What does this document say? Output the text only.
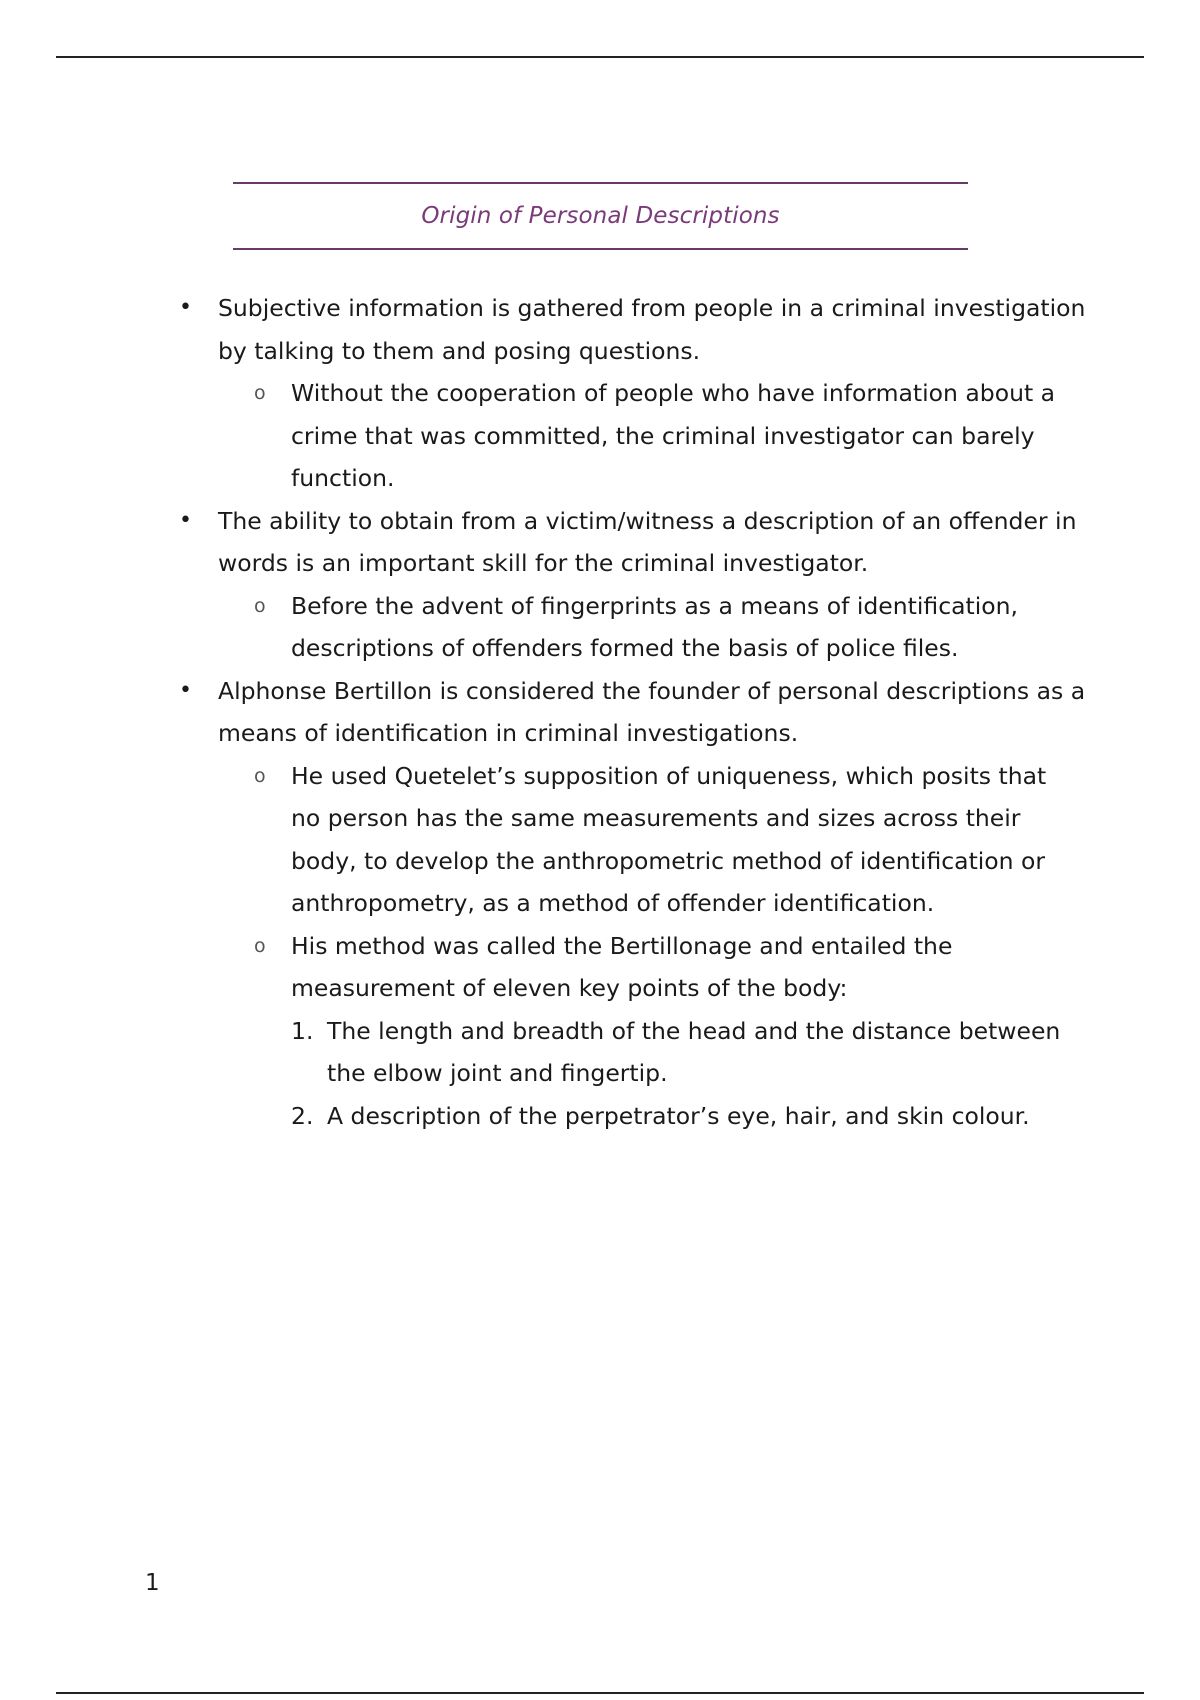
Origin of Personal Descriptions
• Subjective information is gathered from people in a criminal investigation by talking to them and posing questions.
o Without the cooperation of people who have information about a crime that was committed, the criminal investigator can barely function.
• The ability to obtain from a victim/witness a description of an offender in words is an important skill for the criminal investigator.
o Before the advent of fingerprints as a means of identification, descriptions of offenders formed the basis of police files.
• Alphonse Bertillon is considered the founder of personal descriptions as a means of identification in criminal investigations.
o He used Quetelet’s supposition of uniqueness, which posits that no person has the same measurements and sizes across their body, to develop the anthropometric method of identification or anthropometry, as a method of offender identification.
o His method was called the Bertillonage and entailed the measurement of eleven key points of the body:
1. The length and breadth of the head and the distance between the elbow joint and fingertip.
2. A description of the perpetrator’s eye, hair, and skin colour.
1
